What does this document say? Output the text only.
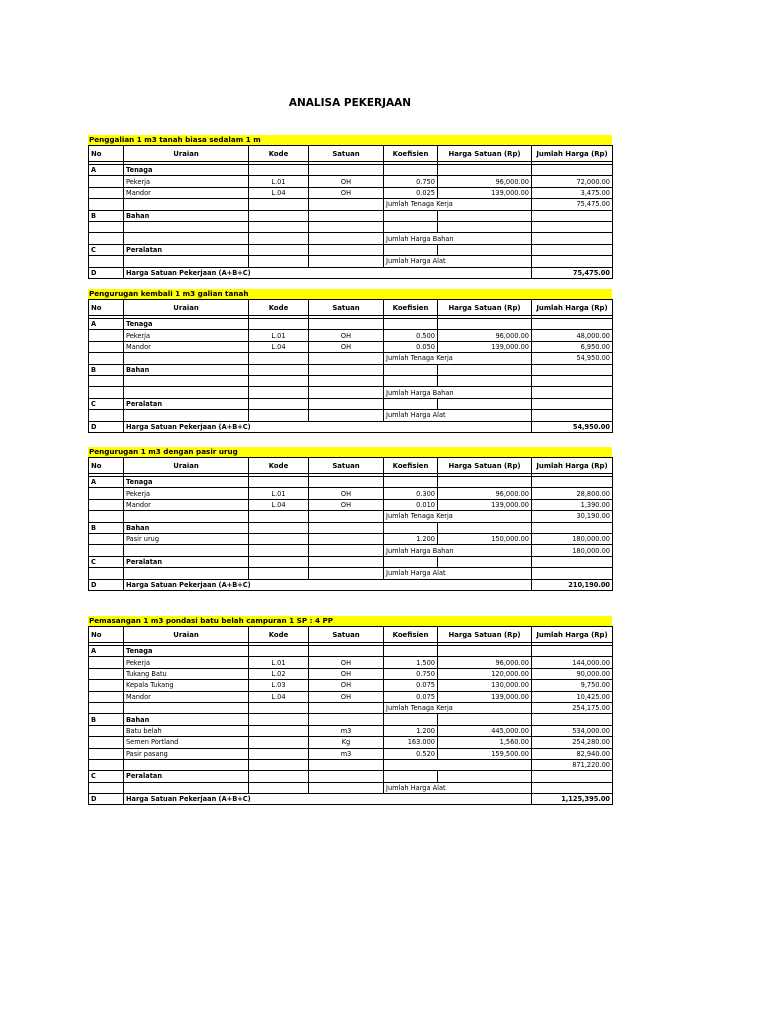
ANALISA PEKERJAAN
Penggalian 1 m3 tanah biasa sedalam 1 m
No	Uraian	Kode	Satuan	Koefisien	Harga Satuan (Rp)	Jumlah Harga (Rp)

A	Tenaga					
	Pekerja	L.01	OH	0.750	96,000.00	72,000.00
	Mandor	L.04	OH	0.025	139,000.00	3,475.00
				Jumlah Tenaga Kerja		75,475.00
B	Bahan					

				Jumlah Harga Bahan		
C	Peralatan					
				Jumlah Harga Alat		
D	Harga Satuan Pekerjaan (A+B+C)					75,475.00
Pengurugan kembali 1 m3 galian tanah
No	Uraian	Kode	Satuan	Koefisien	Harga Satuan (Rp)	Jumlah Harga (Rp)

A	Tenaga					
	Pekerja	L.01	OH	0.500	96,000.00	48,000.00
	Mandor	L.04	OH	0.050	139,000.00	6,950.00
				Jumlah Tenaga Kerja		54,950.00
B	Bahan					

				Jumlah Harga Bahan		
C	Peralatan					
				Jumlah Harga Alat		
D	Harga Satuan Pekerjaan (A+B+C)					54,950.00
Pengurugan 1 m3 dengan pasir urug
No	Uraian	Kode	Satuan	Koefisien	Harga Satuan (Rp)	Jumlah Harga (Rp)

A	Tenaga					
	Pekerja	L.01	OH	0.300	96,000.00	28,800.00
	Mandor	L.04	OH	0.010	139,000.00	1,390.00
				Jumlah Tenaga Kerja		30,190.00
B	Bahan					
	Pasir urug			1.200	150,000.00	180,000.00
				Jumlah Harga Bahan		180,000.00
C	Peralatan					
				Jumlah Harga Alat		
D	Harga Satuan Pekerjaan (A+B+C)					210,190.00
Pemasangan 1 m3 pondasi batu belah campuran 1 SP : 4 PP
No	Uraian	Kode	Satuan	Koefisien	Harga Satuan (Rp)	Jumlah Harga (Rp)

A	Tenaga					
	Pekerja	L.01	OH	1.500	96,000.00	144,000.00
	Tukang Batu	L.02	OH	0.750	120,000.00	90,000.00
	Kepala Tukang	L.03	OH	0.075	130,000.00	9,750.00
	Mandor	L.04	OH	0.075	139,000.00	10,425.00
				Jumlah Tenaga Kerja		254,175.00
B	Bahan					
	Batu belah		m3	1.200	445,000.00	534,000.00
	Semen Portland		Kg	163.000	1,560.00	254,280.00
	Pasir pasang		m3	0.520	159,500.00	82,940.00
						871,220.00
C	Peralatan					
				Jumlah Harga Alat		
D	Harga Satuan Pekerjaan (A+B+C)					1,125,395.00
